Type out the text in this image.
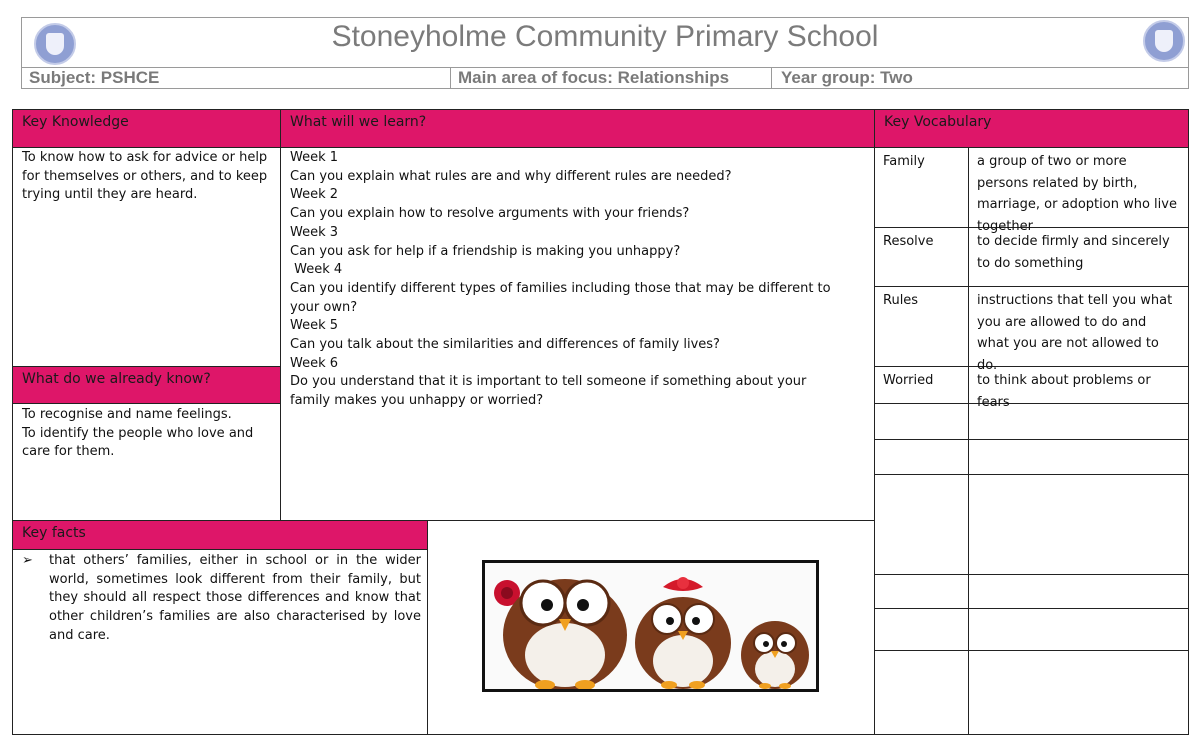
Stoneyholme Community Primary School
Subject: PSHCE	Main area of focus: Relationships	Year group: Two
Key Knowledge	What will we learn?	Key Vocabulary
What do we already know?
Key facts
To know how to ask for advice or help for themselves or others, and to keep trying until they are heard.
Week 1
Can you explain what rules are and why different rules are needed?
Week 2
Can you explain how to resolve arguments with your friends?
Week 3
Can you ask for help if a friendship is making you unhappy?
Week 4
Can you identify different types of families including those that may be different to your own?
Week 5
Can you talk about the similarities and differences of family lives?
Week 6
Do you understand that it is important to tell someone if something about your family makes you unhappy or worried?
To recognise and name feelings.
To identify the people who love and care for them.
➢	that others’ families, either in school or in the wider world, sometimes look different from their family, but they should all respect those differences and know that other children’s families are also characterised by love and care.
Family	a group of two or more persons related by birth, marriage, or adoption who live together
Resolve	to decide firmly and sincerely to do something
Rules	instructions that tell you what you are allowed to do and what you are not allowed to do.
Worried	to think about problems or fears
